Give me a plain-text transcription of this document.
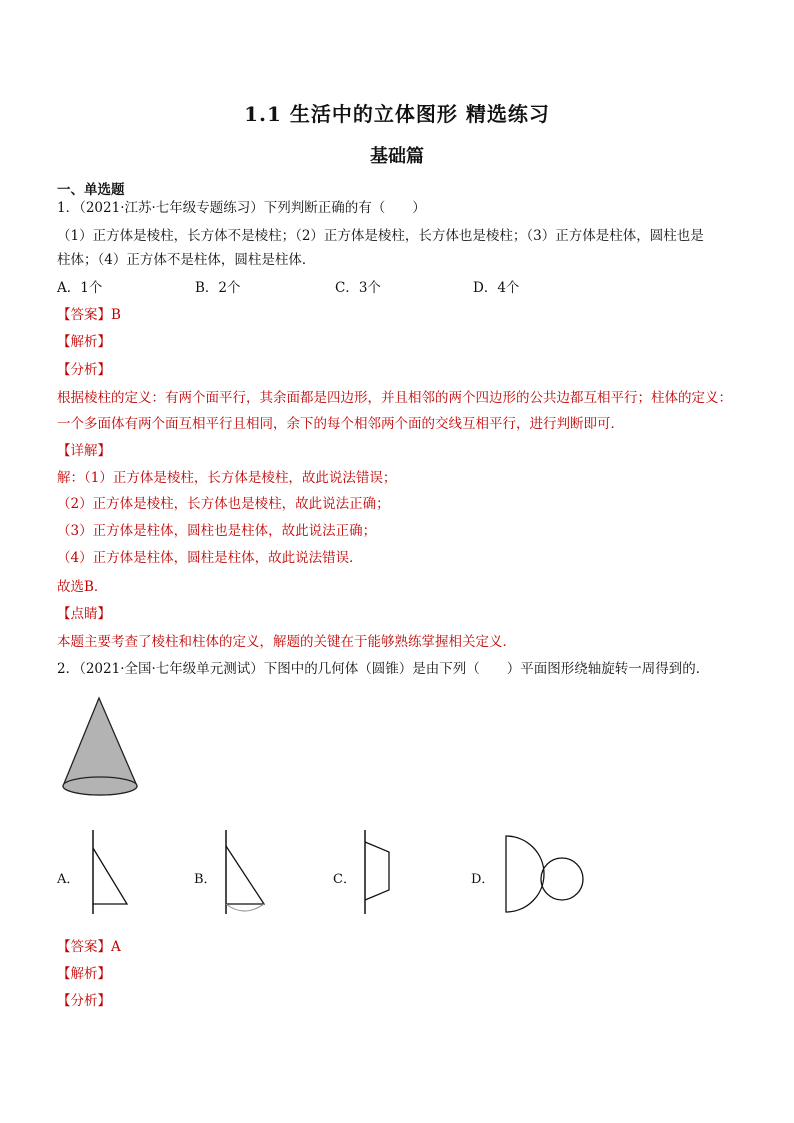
1.1 生活中的立体图形 精选练习
基础篇
一、单选题
1．（2021·江苏·七年级专题练习）下列判断正确的有（　　）
（1）正方体是棱柱，长方体不是棱柱；（2）正方体是棱柱，长方体也是棱柱；（3）正方体是柱体，圆柱也是
柱体；（4）正方体不是柱体，圆柱是柱体．
A．1个	B．2个	C．3个	D．4个
【答案】B
【解析】
【分析】
根据棱柱的定义：有两个面平行，其余面都是四边形，并且相邻的两个四边形的公共边都互相平行；柱体的定义：
一个多面体有两个面互相平行且相同，余下的每个相邻两个面的交线互相平行，进行判断即可．
【详解】
解：（1）正方体是棱柱，长方体是棱柱，故此说法错误；
（2）正方体是棱柱，长方体也是棱柱，故此说法正确；
（3）正方体是柱体，圆柱也是柱体，故此说法正确；
（4）正方体是柱体，圆柱是柱体，故此说法错误．
故选B．
【点睛】
本题主要考查了棱柱和柱体的定义，解题的关键在于能够熟练掌握相关定义．
2．（2021·全国·七年级单元测试）下图中的几何体（圆锥）是由下列（　　）平面图形绕轴旋转一周得到的．
A．	B．	C．	D．
【答案】A
【解析】
【分析】
